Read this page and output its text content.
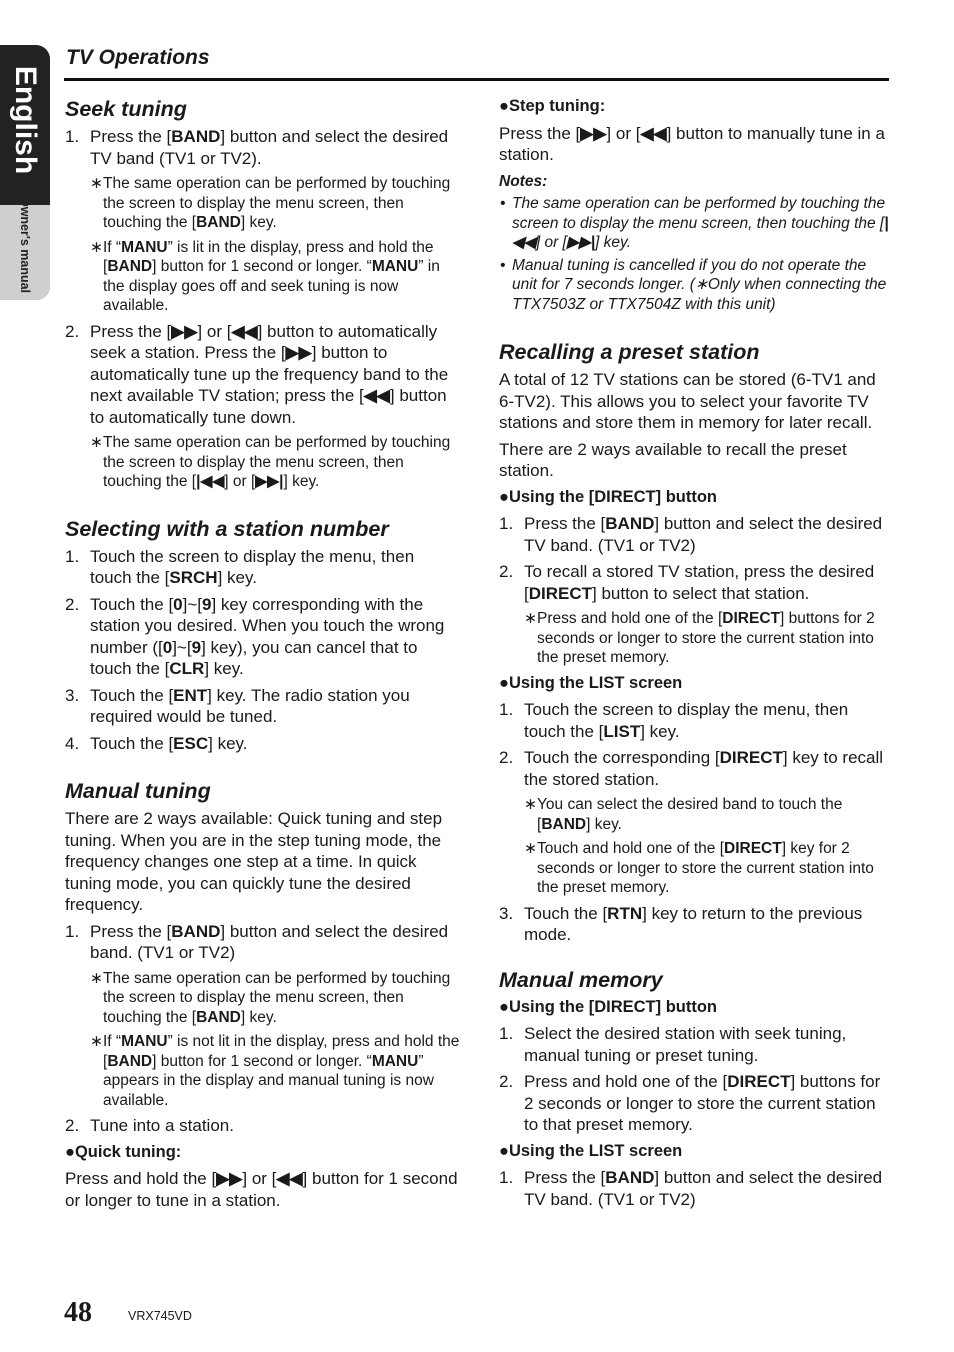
English
Owner's manual
TV Operations
Seek tuning
1. Press the [BAND] button and select the desired TV band (TV1 or TV2).
∗ The same operation can be performed by touching the screen to display the menu screen, then touching the [BAND] key.
∗ If “MANU” is lit in the display, press and hold the [BAND] button for 1 second or longer. “MANU” in the display goes off and seek tuning is now available.
2. Press the [▶▶] or [◀◀] button to automatically seek a station. Press the [▶▶] button to automatically tune up the frequency band to the next available TV station; press the [◀◀] button to automatically tune down.
∗ The same operation can be performed by touching the screen to display the menu screen, then touching the [|◀◀] or [▶▶|] key.
Selecting with a station number
1. Touch the screen to display the menu, then touch the [SRCH] key.
2. Touch the [0]~[9] key corresponding with the station you desired. When you touch the wrong number ([0]~[9] key), you can cancel that to touch the [CLR] key.
3. Touch the [ENT] key. The radio station you required would be tuned.
4. Touch the [ESC] key.
Manual tuning

There are 2 ways available: Quick tuning and step tuning. When you are in the step tuning mode, the frequency changes one step at a time. In quick tuning mode, you can quickly tune the desired frequency.

1. Press the [BAND] button and select the desired band. (TV1 or TV2)
∗ The same operation can be performed by touching the screen to display the menu screen, then touching the [BAND] key.
∗ If “MANU” is not lit in the display, press and hold the [BAND] button for 1 second or longer. “MANU” appears in the display and manual tuning is now available.
2. Tune into a station.
●Quick tuning:

Press and hold the [▶▶] or [◀◀] button for 1 second or longer to tune in a station.

●Step tuning:

Press the [▶▶] or [◀◀] button to manually tune in a station.

Notes:
• The same operation can be performed by touching the screen to display the menu screen, then touching the [|◀◀] or [▶▶|] key.
• Manual tuning is cancelled if you do not operate the unit for 7 seconds longer. (∗Only when connecting the TTX7503Z or TTX7504Z with this unit)
Recalling a preset station

A total of 12 TV stations can be stored (6-TV1 and 6-TV2). This allows you to select your favorite TV stations and store them in memory for later recall.

There are 2 ways available to recall the preset station.

●Using the [DIRECT] button
1. Press the [BAND] button and select the desired TV band. (TV1 or TV2)
2. To recall a stored TV station, press the desired [DIRECT] button to select that station.
∗ Press and hold one of the [DIRECT] buttons for 2 seconds or longer to store the current station into the preset memory.
●Using the LIST screen
1. Touch the screen to display the menu, then touch the [LIST] key.
2. Touch the corresponding [DIRECT] key to recall the stored station.
∗ You can select the desired band to touch the [BAND] key.
∗ Touch and hold one of the [DIRECT] key for 2 seconds or longer to store the current station into the preset memory.
3. Touch the [RTN] key to return to the previous mode.
Manual memory
●Using the [DIRECT] button
1. Select the desired station with seek tuning, manual tuning or preset tuning.
2. Press and hold one of the [DIRECT] buttons for 2 seconds or longer to store the current station to that preset memory.
●Using the LIST screen
1. Press the [BAND] button and select the desired TV band. (TV1 or TV2)
48	VRX745VD
